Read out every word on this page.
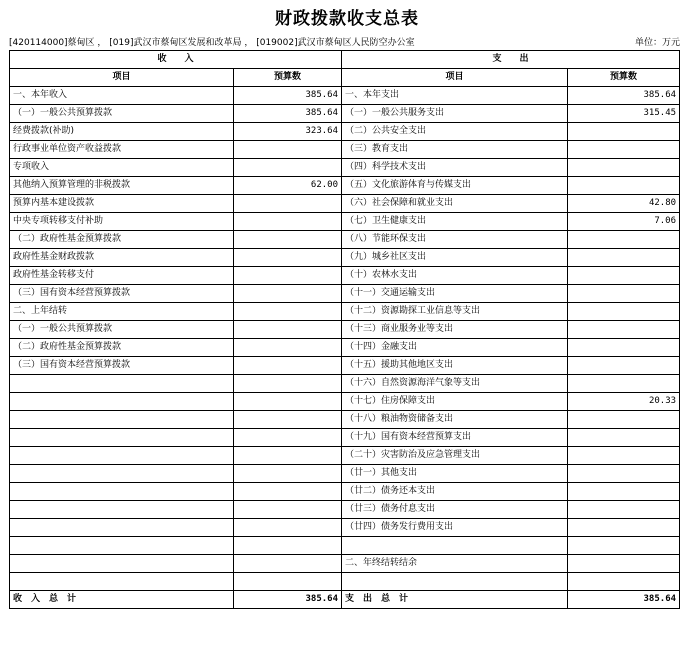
财政拨款收支总表
[420114000]蔡甸区 ， [019]武汉市蔡甸区发展和改革局 ， [019002]武汉市蔡甸区人民防空办公室	单位：万元
收　　入		支　　出	
项目	预算数	项目	预算数
一、本年收入	385.64	一、本年支出	385.64
（一）一般公共预算拨款	385.64	（一）一般公共服务支出	315.45
经费拨款(补助)	323.64	（二）公共安全支出	
行政事业单位资产收益拨款		（三）教育支出	
专项收入		（四）科学技术支出	
其他纳入预算管理的非税拨款	62.00	（五）文化旅游体育与传媒支出	
预算内基本建设拨款		（六）社会保障和就业支出	42.80
中央专项转移支付补助		（七）卫生健康支出	7.06
（二）政府性基金预算拨款		（八）节能环保支出	
政府性基金财政拨款		（九）城乡社区支出	
政府性基金转移支付		（十）农林水支出	
（三）国有资本经营预算拨款		（十一）交通运输支出	
二、上年结转		（十二）资源勘探工业信息等支出	
（一）一般公共预算拨款		（十三）商业服务业等支出	
（二）政府性基金预算拨款		（十四）金融支出	
（三）国有资本经营预算拨款		（十五）援助其他地区支出	
		（十六）自然资源海洋气象等支出	
		（十七）住房保障支出	20.33
		（十八）粮油物资储备支出	
		（十九）国有资本经营预算支出	
		（二十）灾害防治及应急管理支出	
		（廿一）其他支出	
		（廿二）债务还本支出	
		（廿三）债务付息支出	
		（廿四）债务发行费用支出	

		二、年终结转结余	

收　入　总　计	385.64	支　出　总　计	385.64
